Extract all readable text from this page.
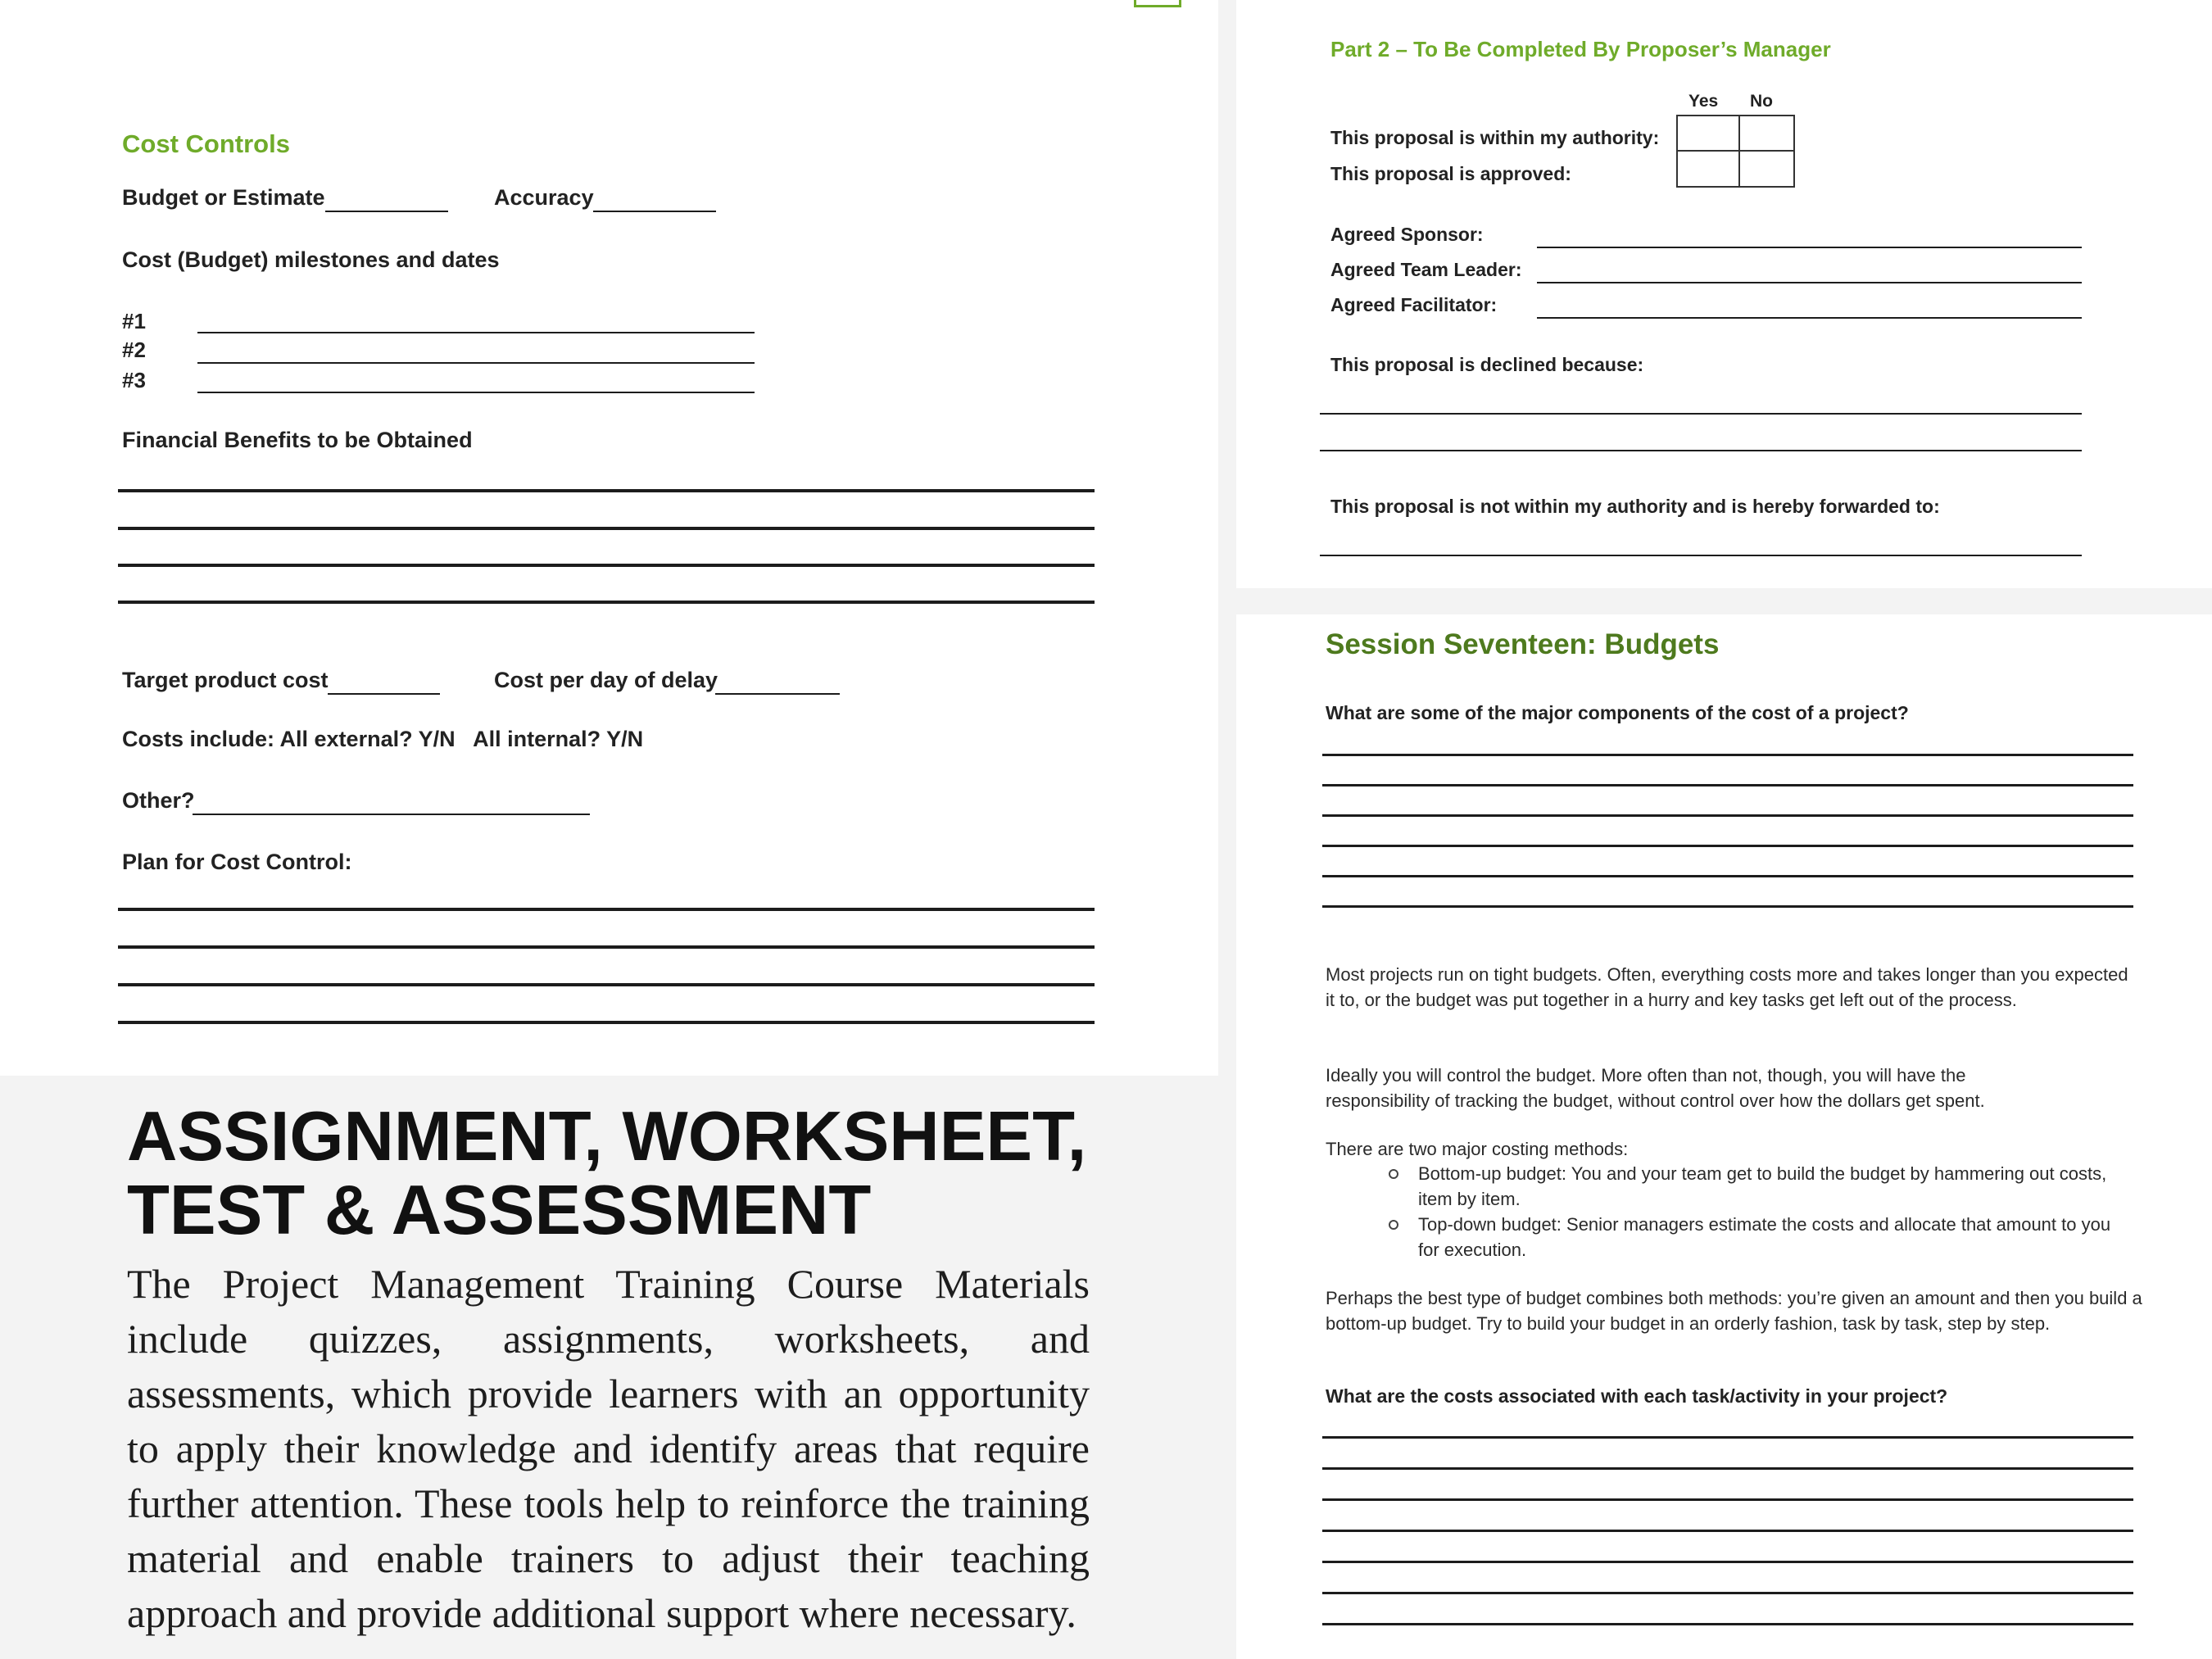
Cost Controls
Budget or Estimate	Accuracy
Cost (Budget) milestones and dates
#1
#2
#3
Financial Benefits to be Obtained
Target product cost	Cost per day of delay
Costs include: All external? Y/N   All internal? Y/N
Other?
Plan for Cost Control:
ASSIGNMENT, WORKSHEET,
TEST & ASSESSMENT
The Project Management Training Course Materials include quizzes, assignments, worksheets, and assessments, which provide learners with an opportunity to apply their knowledge and identify areas that require further attention. These tools help to reinforce the training material and enable trainers to adjust their teaching approach and provide additional support where necessary.
Part 2 – To Be Completed By Proposer’s Manager
Yes No
This proposal is within my authority:
This proposal is approved:
Agreed Sponsor:
Agreed Team Leader:
Agreed Facilitator:
This proposal is declined because:
This proposal is not within my authority and is hereby forwarded to:
Session Seventeen: Budgets
What are some of the major components of the cost of a project?
Most projects run on tight budgets. Often, everything costs more and takes longer than you expected it to, or the budget was put together in a hurry and key tasks get left out of the process.
Ideally you will control the budget. More often than not, though, you will have the responsibility of tracking the budget, without control over how the dollars get spent.
There are two major costing methods:
Bottom-up budget: You and your team get to build the budget by hammering out costs, item by item.
Top-down budget: Senior managers estimate the costs and allocate that amount to you for execution.
Perhaps the best type of budget combines both methods: you’re given an amount and then you build a bottom-up budget. Try to build your budget in an orderly fashion, task by task, step by step.
What are the costs associated with each task/activity in your project?
